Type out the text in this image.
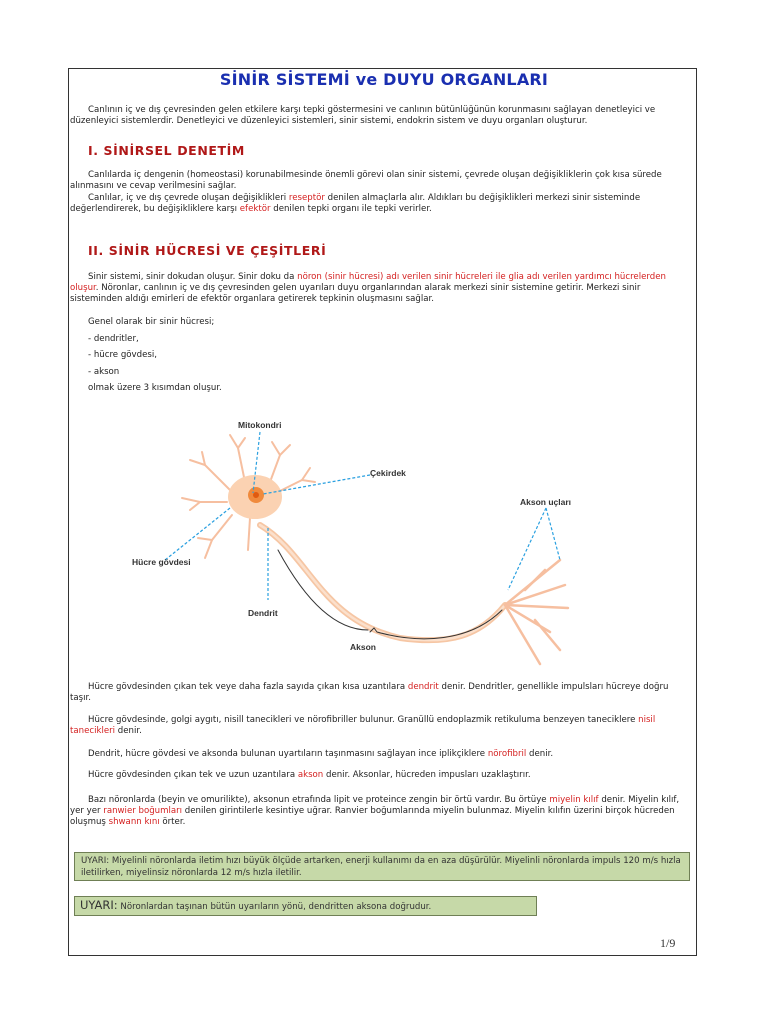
SİNİR SİSTEMİ ve DUYU ORGANLARI
Canlının iç ve dış çevresinden gelen etkilere karşı tepki göstermesini ve canlının bütünlüğünün korunmasını sağlayan denetleyici ve düzenleyici sistemlerdir. Denetleyici ve düzenleyici sistemleri, sinir sistemi, endokrin sistem ve duyu organları oluşturur.
I. SİNİRSEL DENETİM
Canlılarda iç dengenin (homeostasi) korunabilmesinde önemli görevi olan sinir sistemi, çevrede oluşan değişikliklerin çok kısa sürede alınmasını ve cevap verilmesini sağlar.
Canlılar, iç ve dış çevrede oluşan değişiklikleri reseptör denilen almaçlarla alır. Aldıkları bu değişiklikleri merkezi sinir sisteminde değerlendirerek, bu değişikliklere karşı efektör denilen tepki organı ile tepki verirler.
II. SİNİR HÜCRESİ VE ÇEŞİTLERİ
Sinir sistemi, sinir dokudan oluşur. Sinir doku da nöron (sinir hücresi) adı verilen sinir hücreleri ile glia adı verilen yardımcı hücrelerden oluşur. Nöronlar, canlının iç ve dış çevresinden gelen uyarıları duyu organlarından alarak merkezi sinir sistemine getirir. Merkezi sinir sisteminden aldığı emirleri de efektör organlara getirerek tepkinin oluşmasını sağlar.
Genel olarak bir sinir hücresi;
- dendritler,
- hücre gövdesi,
- akson
olmak üzere 3 kısımdan oluşur.
Mitokondri
Çekirdek
Akson uçları
Hücre gövdesi
Dendrit
Akson
Hücre gövdesinden çıkan tek veye daha fazla sayıda çıkan kısa uzantılara dendrit denir. Dendritler, genellikle impulsları hücreye doğru taşır.
Hücre gövdesinde, golgi aygıtı, nisill tanecikleri ve nörofibriller bulunur. Granüllü endoplazmik retikuluma benzeyen taneciklere nisil tanecikleri denir.
Dendrit, hücre gövdesi ve aksonda bulunan uyartıların taşınmasını sağlayan ince iplikçiklere nörofibril denir.
Hücre gövdesinden çıkan tek ve uzun uzantılara akson denir. Aksonlar, hücreden impusları uzaklaştırır.
Bazı nöronlarda (beyin ve omurilikte), aksonun etrafında lipit ve proteince zengin bir örtü vardır. Bu örtüye miyelin kılıf denir. Miyelin kılıf, yer yer ranwier boğumları denilen girintilerle kesintiye uğrar. Ranvier boğumlarında miyelin bulunmaz. Miyelin kılıfın üzerini birçok hücreden oluşmuş shwann kını örter.
UYARI: Miyelinli nöronlarda iletim hızı büyük ölçüde artarken, enerji kullanımı da en aza düşürülür. Miyelinli nöronlarda impuls 120 m/s hızla iletilirken, miyelinsiz nöronlarda 12 m/s hızla iletilir.
UYARI: Nöronlardan taşınan bütün uyarıların yönü, dendritten aksona doğrudur.
1/9
